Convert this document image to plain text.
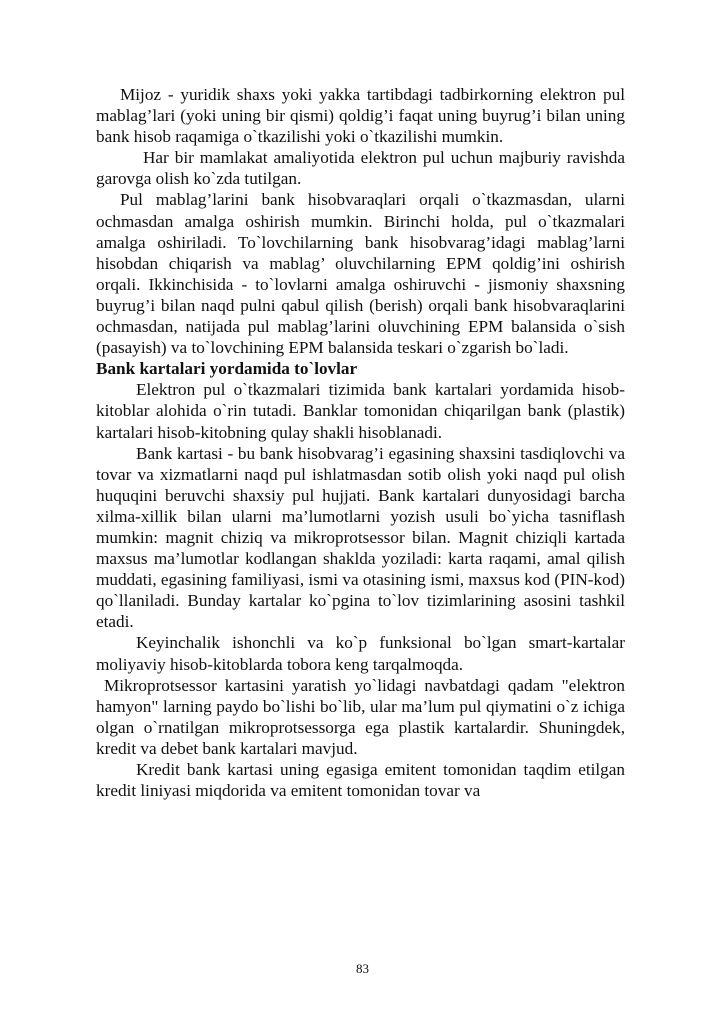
Mijoz - yuridik shaxs yoki yakka tartibdagi tadbirkorning elektron pul mablag’lari (yoki uning bir qismi) qoldig’i faqat uning buyrug’i bilan uning bank hisob raqamiga o`tkazilishi yoki o`tkazilishi mumkin.

Har bir mamlakat amaliyotida elektron pul uchun majburiy ravishda garovga olish ko`zda tutilgan.

Pul mablag’larini bank hisobvaraqlari orqali o`tkazmasdan, ularni ochmasdan amalga oshirish mumkin. Birinchi holda, pul o`tkazmalari amalga oshiriladi. To`lovchilarning bank hisobvarag’idagi mablag’larni hisobdan chiqarish va mablag’ oluvchilarning EPM qoldig’ini oshirish orqali. Ikkinchisida - to`lovlarni amalga oshiruvchi - jismoniy shaxsning buyrug’i bilan naqd pulni qabul qilish (berish) orqali bank hisobvaraqlarini ochmasdan, natijada pul mablag’larini oluvchining EPM balansida o`sish (pasayish) va to`lovchining EPM balansida teskari o`zgarish bo`ladi.

Bank kartalari yordamida to`lovlar

Elektron pul o`tkazmalari tizimida bank kartalari yordamida hisob-kitoblar alohida o`rin tutadi. Banklar tomonidan chiqarilgan bank (plastik) kartalari hisob-kitobning qulay shakli hisoblanadi.

Bank kartasi - bu bank hisobvarag’i egasining shaxsini tasdiqlovchi va tovar va xizmatlarni naqd pul ishlatmasdan sotib olish yoki naqd pul olish huquqini beruvchi shaxsiy pul hujjati. Bank kartalari dunyosidagi barcha xilma-xillik bilan ularni ma’lumotlarni yozish usuli bo`yicha tasniflash mumkin: magnit chiziq va mikroprotsessor bilan. Magnit chiziqli kartada maxsus ma’lumotlar kodlangan shaklda yoziladi: karta raqami, amal qilish muddati, egasining familiyasi, ismi va otasining ismi, maxsus kod (PIN-kod) qo`llaniladi. Bunday kartalar ko`pgina to`lov tizimlarining asosini tashkil etadi.

Keyinchalik ishonchli va ko`p funksional bo`lgan smart-kartalar moliyaviy hisob-kitoblarda tobora keng tarqalmoqda.

Mikroprotsessor kartasini yaratish yo`lidagi navbatdagi qadam "elektron hamyon" larning paydo bo`lishi bo`lib, ular ma’lum pul qiymatini o`z ichiga olgan o`rnatilgan mikroprotsessorga ega plastik kartalardir. Shuningdek, kredit va debet bank kartalari mavjud.

Kredit bank kartasi uning egasiga emitent tomonidan taqdim etilgan kredit liniyasi miqdorida va emitent tomonidan tovar va

83
